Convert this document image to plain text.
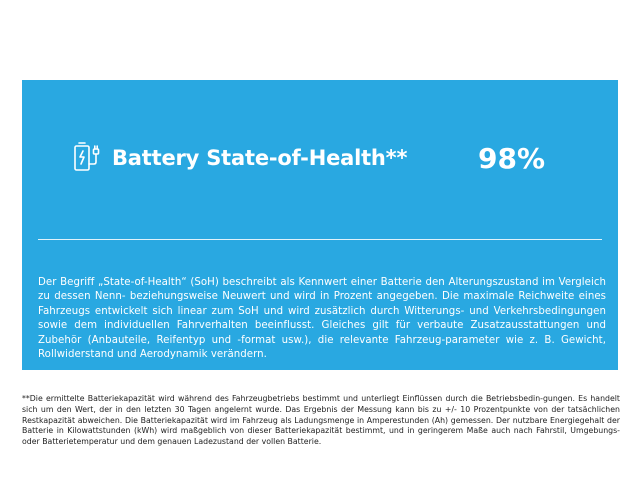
Battery State-of-Health**	98%
Der Begriff „State-of-Health“ (SoH) beschreibt als Kennwert einer Batterie den Alterungszustand im Vergleich zu dessen Nenn- beziehungsweise Neuwert und wird in Prozent angegeben. Die maximale Reichweite eines Fahrzeugs entwickelt sich linear zum SoH und wird zusätzlich durch Witterungs- und Verkehrsbedingungen sowie dem individuellen Fahrverhalten beeinflusst. Gleiches gilt für verbaute Zusatzausstattungen und Zubehör (Anbauteile, Reifentyp und -format usw.), die relevante Fahrzeug-parameter wie z. B. Gewicht, Rollwiderstand und Aerodynamik verändern.
**Die ermittelte Batteriekapazität wird während des Fahrzeugbetriebs bestimmt und unterliegt Einflüssen durch die Betriebsbedin-gungen. Es handelt sich um den Wert, der in den letzten 30 Tagen angelernt wurde. Das Ergebnis der Messung kann bis zu +/- 10 Prozentpunkte von der tatsächlichen Restkapazität abweichen. Die Batteriekapazität wird im Fahrzeug als Ladungsmenge in Amperestunden (Ah) gemessen. Der nutzbare Energiegehalt der Batterie in Kilowattstunden (kWh) wird maßgeblich von dieser Batteriekapazität bestimmt, und in geringerem Maße auch nach Fahrstil, Umgebungs- oder Batterietemperatur und dem genauen Ladezustand der vollen Batterie.
